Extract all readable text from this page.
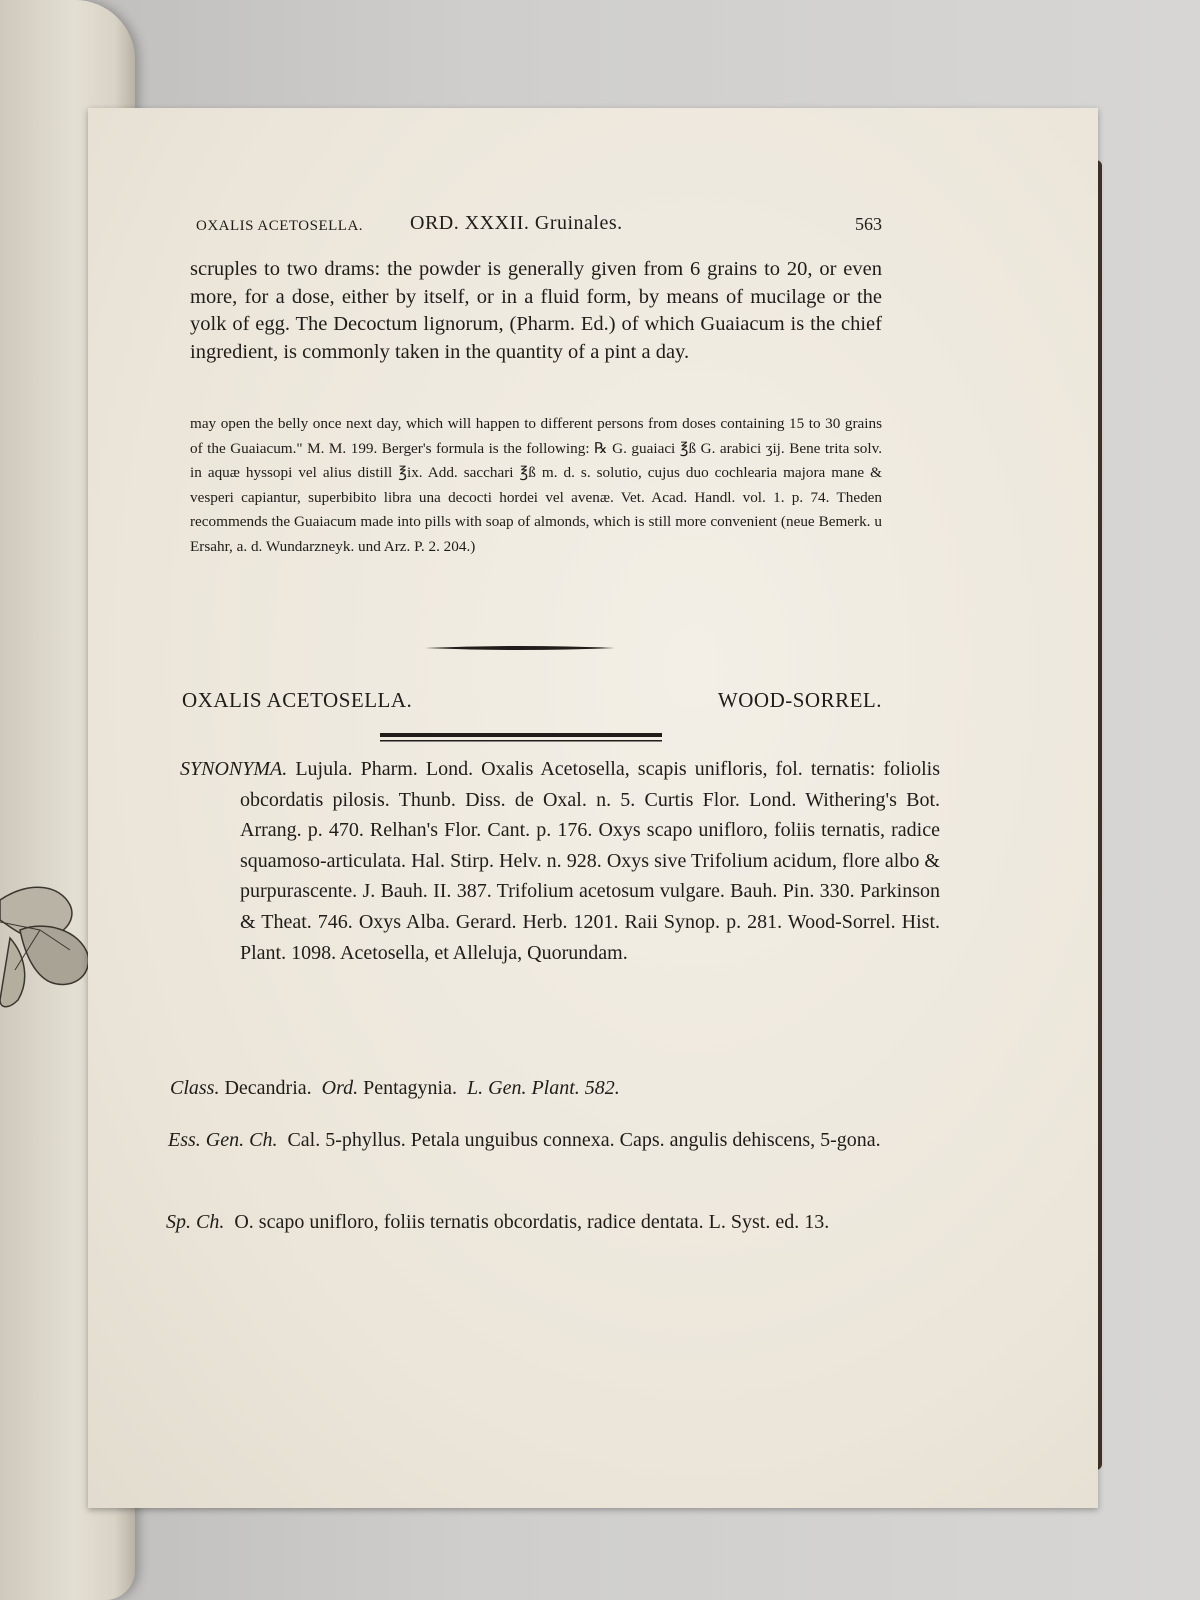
OXALIS ACETOSELLA. ORD. XXXII. Gruinales.	563
scruples to two drams: the powder is generally given from 6 grains to 20, or even more, for a dose, either by itself, or in a fluid form, by means of mucilage or the yolk of egg. The Decoctum lignorum, (Pharm. Ed.) of which Guaiacum is the chief ingredient, is commonly taken in the quantity of a pint a day.
may open the belly once next day, which will happen to different persons from doses containing 15 to 30 grains of the Guaiacum." M. M. 199. Berger's formula is the following: ℞ G. guaiaci ℥ß G. arabici ʒij. Bene trita solv. in aquæ hyssopi vel alius distill ℥ix. Add. sacchari ℥ß m. d. s. solutio, cujus duo cochlearia majora mane & vesperi capiantur, superbibito libra una decocti hordei vel avenæ. Vet. Acad. Handl. vol. 1. p. 74. Theden recommends the Guaiacum made into pills with soap of almonds, which is still more convenient (neue Bemerk. u Ersahr, a. d. Wundarzneyk. und Arz. P. 2. 204.)
OXALIS ACETOSELLA.	WOOD-SORREL.
SYNONYMA. Lujula. Pharm. Lond. Oxalis Acetosella, scapis unifloris, fol. ternatis: foliolis obcordatis pilosis. Thunb. Diss. de Oxal. n. 5. Curtis Flor. Lond. Withering's Bot. Arrang. p. 470. Relhan's Flor. Cant. p. 176. Oxys scapo unifloro, foliis ternatis, radice squamoso-articulata. Hal. Stirp. Helv. n. 928. Oxys sive Trifolium acidum, flore albo & purpurascente. J. Bauh. II. 387. Trifolium acetosum vulgare. Bauh. Pin. 330. Parkinson & Theat. 746. Oxys Alba. Gerard. Herb. 1201. Raii Synop. p. 281. Wood-Sorrel. Hist. Plant. 1098. Acetosella, et Alleluja, Quorundam.
Class. Decandria. Ord. Pentagynia. L. Gen. Plant. 582.
Ess. Gen. Ch. Cal. 5-phyllus. Petala unguibus connexa. Caps. angulis dehiscens, 5-gona.
Sp. Ch. O. scapo unifloro, foliis ternatis obcordatis, radice dentata. L. Syst. ed. 13.
